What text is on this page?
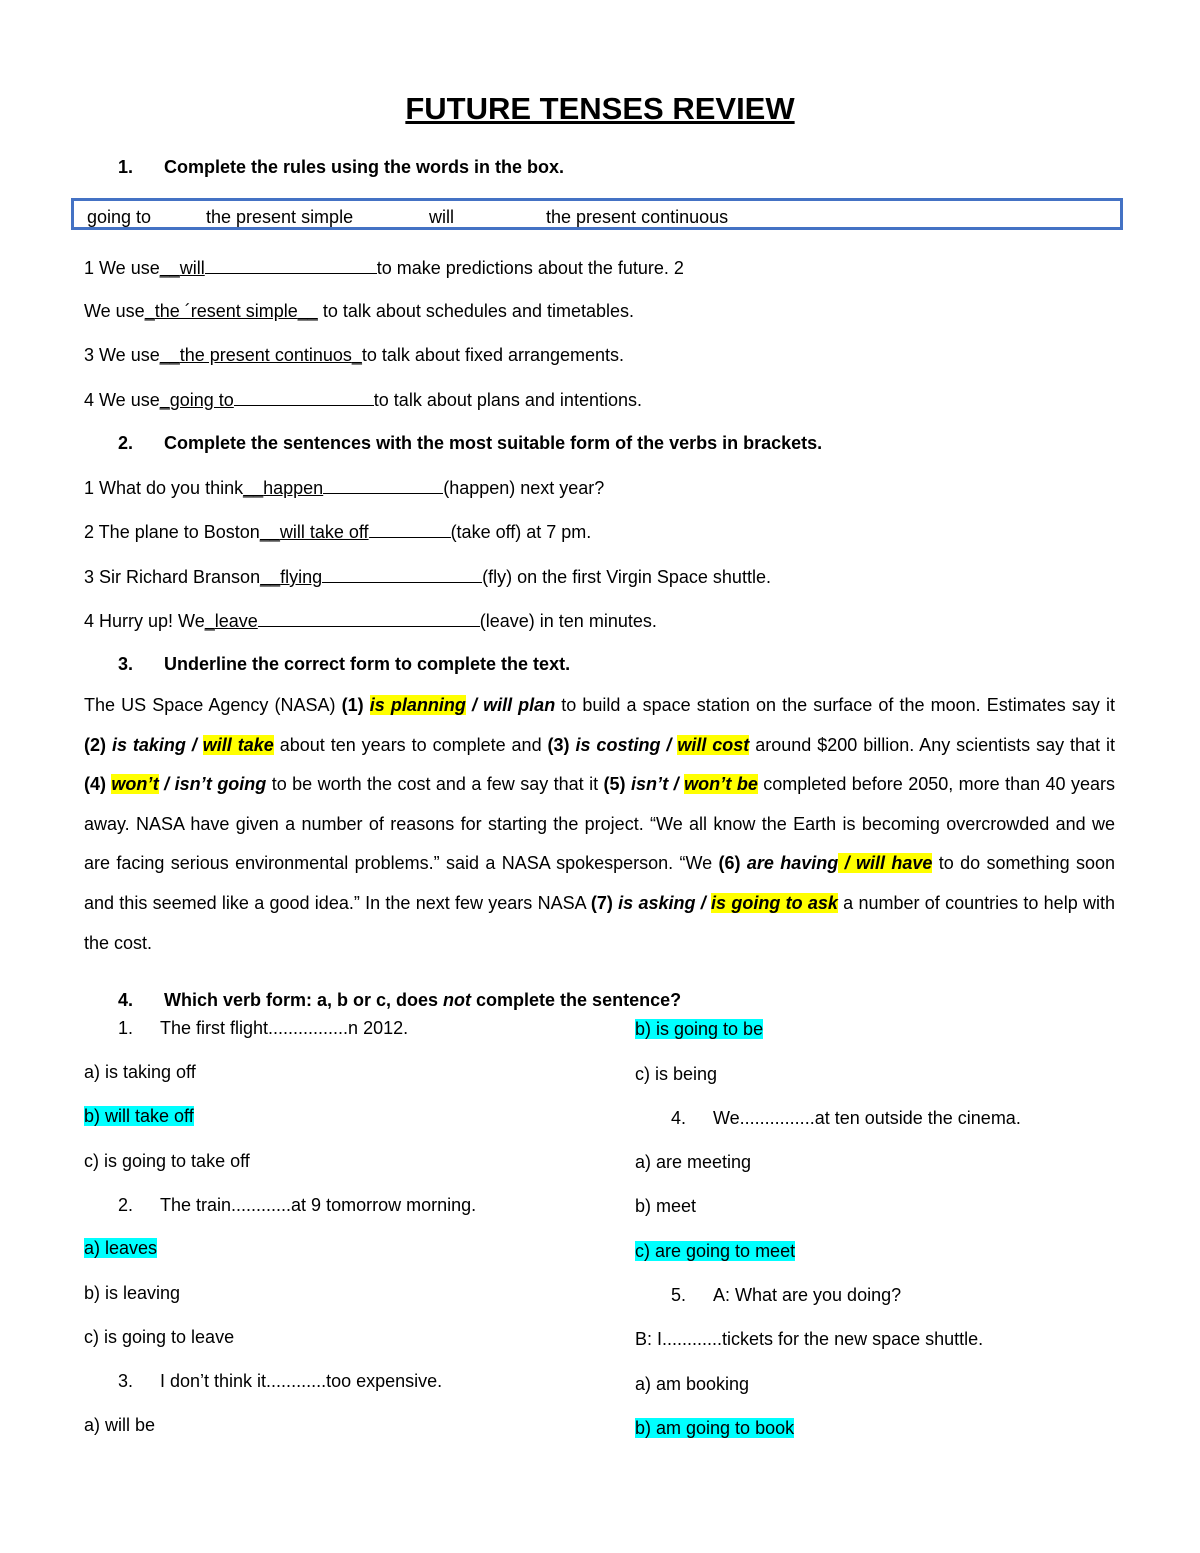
FUTURE TENSES REVIEW
1. Complete the rules using the words in the box.
going to	the present simple	will	the present continuous
1 We use__will	to make predictions about the future. 2
We use_the ´resent simple__ to talk about schedules and timetables.
3 We use__the present continuos_to talk about fixed arrangements.
4 We use_going to	to talk about plans and intentions.
2. Complete the sentences with the most suitable form of the verbs in brackets.
1 What do you think__happen	(happen) next year?
2 The plane to Boston__will take off	(take off) at 7 pm.
3 Sir Richard Branson__flying	(fly) on the first Virgin Space shuttle.
4 Hurry up! We_leave	(leave) in ten minutes.
3. Underline the correct form to complete the text.
The US Space Agency (NASA) (1) is planning / will plan to build a space station on the surface of the moon. Estimates say it (2) is taking / will take about ten years to complete and (3) is costing / will cost around $200 billion. Any scientists say that it (4) won’t / isn’t going to be worth the cost and a few say that it (5) isn’t / won’t be completed before 2050, more than 40 years away. NASA have given a number of reasons for starting the project. “We all know the Earth is becoming overcrowded and we are facing serious environmental problems.” said a NASA spokesperson. “We (6) are having / will have to do something soon and this seemed like a good idea.” In the next few years NASA (7) is asking / is going to ask a number of countries to help with the cost.
4. Which verb form: a, b or c, does not complete the sentence?
1. The first flight................n 2012.
a) is taking off
b) will take off
c) is going to take off
2. The train............at 9 tomorrow morning.
a) leaves
b) is leaving
c) is going to leave
3. I don’t think it............too expensive.
a) will be
b) is going to be
c) is being
4. We...............at ten outside the cinema.
a) are meeting
b) meet
c) are going to meet
5. A: What are you doing?
B: I............tickets for the new space shuttle.
a) am booking
b) am going to book
